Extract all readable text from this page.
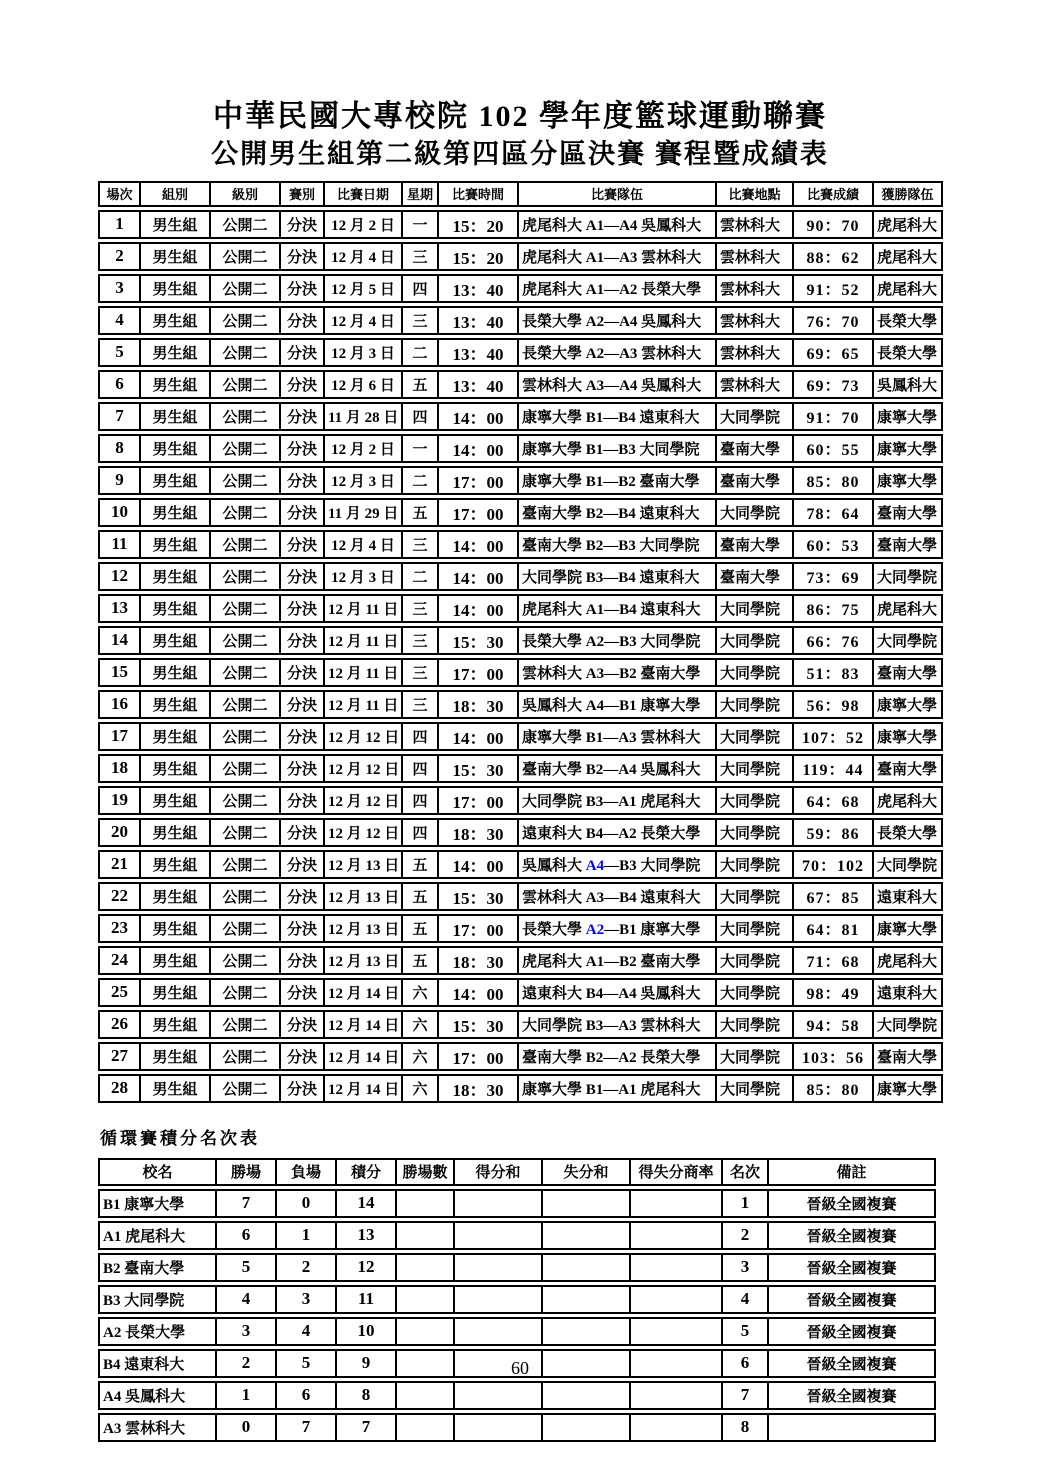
中華民國大專校院 102 學年度籃球運動聯賽
公開男生組第二級第四區分區決賽 賽程暨成績表
場次	組別	級別	賽別	比賽日期	星期	比賽時間	比賽隊伍	比賽地點	比賽成績	獲勝隊伍
1	男生組	公開二	分決	12 月 2 日	一	15：20	虎尾科大 A1—A4 吳鳳科大	雲林科大	90：70	虎尾科大
2	男生組	公開二	分決	12 月 4 日	三	15：20	虎尾科大 A1—A3 雲林科大	雲林科大	88：62	虎尾科大
3	男生組	公開二	分決	12 月 5 日	四	13：40	虎尾科大 A1—A2 長榮大學	雲林科大	91：52	虎尾科大
4	男生組	公開二	分決	12 月 4 日	三	13：40	長榮大學 A2—A4 吳鳳科大	雲林科大	76：70	長榮大學
5	男生組	公開二	分決	12 月 3 日	二	13：40	長榮大學 A2—A3 雲林科大	雲林科大	69：65	長榮大學
6	男生組	公開二	分決	12 月 6 日	五	13：40	雲林科大 A3—A4 吳鳳科大	雲林科大	69：73	吳鳳科大
7	男生組	公開二	分決	11 月 28 日	四	14：00	康寧大學 B1—B4 遠東科大	大同學院	91：70	康寧大學
8	男生組	公開二	分決	12 月 2 日	一	14：00	康寧大學 B1—B3 大同學院	臺南大學	60：55	康寧大學
9	男生組	公開二	分決	12 月 3 日	二	17：00	康寧大學 B1—B2 臺南大學	臺南大學	85：80	康寧大學
10	男生組	公開二	分決	11 月 29 日	五	17：00	臺南大學 B2—B4 遠東科大	大同學院	78：64	臺南大學
11	男生組	公開二	分決	12 月 4 日	三	14：00	臺南大學 B2—B3 大同學院	臺南大學	60：53	臺南大學
12	男生組	公開二	分決	12 月 3 日	二	14：00	大同學院 B3—B4 遠東科大	臺南大學	73：69	大同學院
13	男生組	公開二	分決	12 月 11 日	三	14：00	虎尾科大 A1—B4 遠東科大	大同學院	86：75	虎尾科大
14	男生組	公開二	分決	12 月 11 日	三	15：30	長榮大學 A2—B3 大同學院	大同學院	66：76	大同學院
15	男生組	公開二	分決	12 月 11 日	三	17：00	雲林科大 A3—B2 臺南大學	大同學院	51：83	臺南大學
16	男生組	公開二	分決	12 月 11 日	三	18：30	吳鳳科大 A4—B1 康寧大學	大同學院	56：98	康寧大學
17	男生組	公開二	分決	12 月 12 日	四	14：00	康寧大學 B1—A3 雲林科大	大同學院	107：52	康寧大學
18	男生組	公開二	分決	12 月 12 日	四	15：30	臺南大學 B2—A4 吳鳳科大	大同學院	119：44	臺南大學
19	男生組	公開二	分決	12 月 12 日	四	17：00	大同學院 B3—A1 虎尾科大	大同學院	64：68	虎尾科大
20	男生組	公開二	分決	12 月 12 日	四	18：30	遠東科大 B4—A2 長榮大學	大同學院	59：86	長榮大學
21	男生組	公開二	分決	12 月 13 日	五	14：00	吳鳳科大 A4—B3 大同學院	大同學院	70：102	大同學院
22	男生組	公開二	分決	12 月 13 日	五	15：30	雲林科大 A3—B4 遠東科大	大同學院	67：85	遠東科大
23	男生組	公開二	分決	12 月 13 日	五	17：00	長榮大學 A2—B1 康寧大學	大同學院	64：81	康寧大學
24	男生組	公開二	分決	12 月 13 日	五	18：30	虎尾科大 A1—B2 臺南大學	大同學院	71：68	虎尾科大
25	男生組	公開二	分決	12 月 14 日	六	14：00	遠東科大 B4—A4 吳鳳科大	大同學院	98：49	遠東科大
26	男生組	公開二	分決	12 月 14 日	六	15：30	大同學院 B3—A3 雲林科大	大同學院	94：58	大同學院
27	男生組	公開二	分決	12 月 14 日	六	17：00	臺南大學 B2—A2 長榮大學	大同學院	103：56	臺南大學
28	男生組	公開二	分決	12 月 14 日	六	18：30	康寧大學 B1—A1 虎尾科大	大同學院	85：80	康寧大學
循環賽積分名次表
校名	勝場	負場	積分	勝場數	得分和	失分和	得失分商率	名次	備註
B1 康寧大學	7	0	14					1	晉級全國複賽
A1 虎尾科大	6	1	13					2	晉級全國複賽
B2 臺南大學	5	2	12					3	晉級全國複賽
B3 大同學院	4	3	11					4	晉級全國複賽
A2 長榮大學	3	4	10					5	晉級全國複賽
B4 遠東科大	2	5	9					6	晉級全國複賽
A4 吳鳳科大	1	6	8					7	晉級全國複賽
A3 雲林科大	0	7	7					8	
60
